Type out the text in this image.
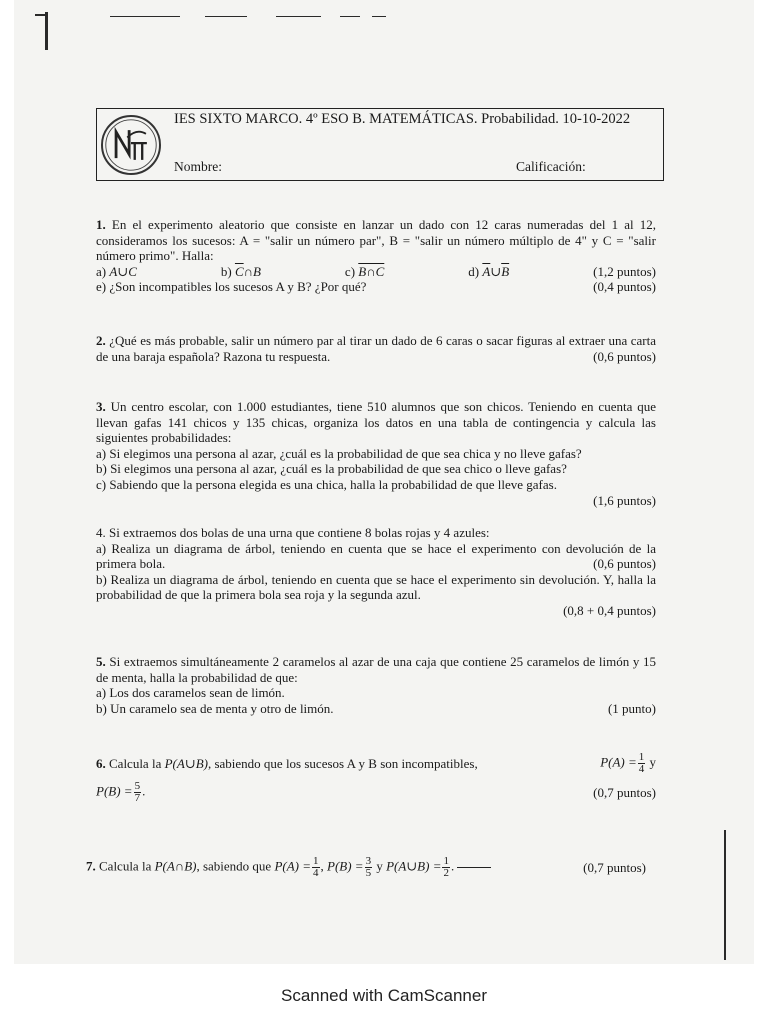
IES SIXTO MARCO. 4º ESO B. MATEMÁTICAS. Probabilidad. 10-10-2022
Nombre:	Calificación:

1. En el experimento aleatorio que consiste en lanzar un dado con 12 caras numeradas del 1 al 12, consideramos los sucesos: A = "salir un número par", B = "salir un número múltiplo de 4" y C = "salir número primo". Halla:

a) A∪C	b) $\overline{C}\cap B$	c) B∩C	d) $\overline{A}\cup\overline{B}$	(1,2 puntos)
e) ¿Son incompatibles los sucesos A y B? ¿Por qué?	(0,4 puntos)

2. ¿Qué es más probable, salir un número par al tirar un dado de 6 caras o sacar figuras al extraer una carta de una baraja española? Razona tu respuesta.	(0,6 puntos)

3. Un centro escolar, con 1.000 estudiantes, tiene 510 alumnos que son chicos. Teniendo en cuenta que llevan gafas 141 chicos y 135 chicas, organiza los datos en una tabla de contingencia y calcula las siguientes probabilidades:

a) Si elegimos una persona al azar, ¿cuál es la probabilidad de que sea chica y no lleve gafas?

b) Si elegimos una persona al azar, ¿cuál es la probabilidad de que sea chico o lleve gafas?

c) Sabiendo que la persona elegida es una chica, halla la probabilidad de que lleve gafas.

(1,6 puntos)

4. Si extraemos dos bolas de una urna que contiene 8 bolas rojas y 4 azules:

a) Realiza un diagrama de árbol, teniendo en cuenta que se hace el experimento con devolución de la primera bola.	(0,6 puntos)

b) Realiza un diagrama de árbol, teniendo en cuenta que se hace el experimento sin devolución. Y, halla la probabilidad de que la primera bola sea roja y la segunda azul.

(0,8 + 0,4 puntos)

5. Si extraemos simultáneamente 2 caramelos al azar de una caja que contiene 25 caramelos de limón y 15 de menta, halla la probabilidad de que:

a) Los dos caramelos sean de limón.

b) Un caramelo sea de menta y otro de limón.	(1 punto)
6. Calcula la P(A∪B), sabiendo que los sucesos A y B son incompatibles,	$P(A) = \frac{1}{4}$ y
$P(B) = \frac{5}{7}$ .	(0,7 puntos)
7. Calcula la P(A∩B), sabiendo que $P(A) = \frac{1}{4}$ , $P(B) = \frac{3}{5}$ y P(A∪B) = $\frac{1}{2}$ .	(0,7 puntos)
Scanned with CamScanner
